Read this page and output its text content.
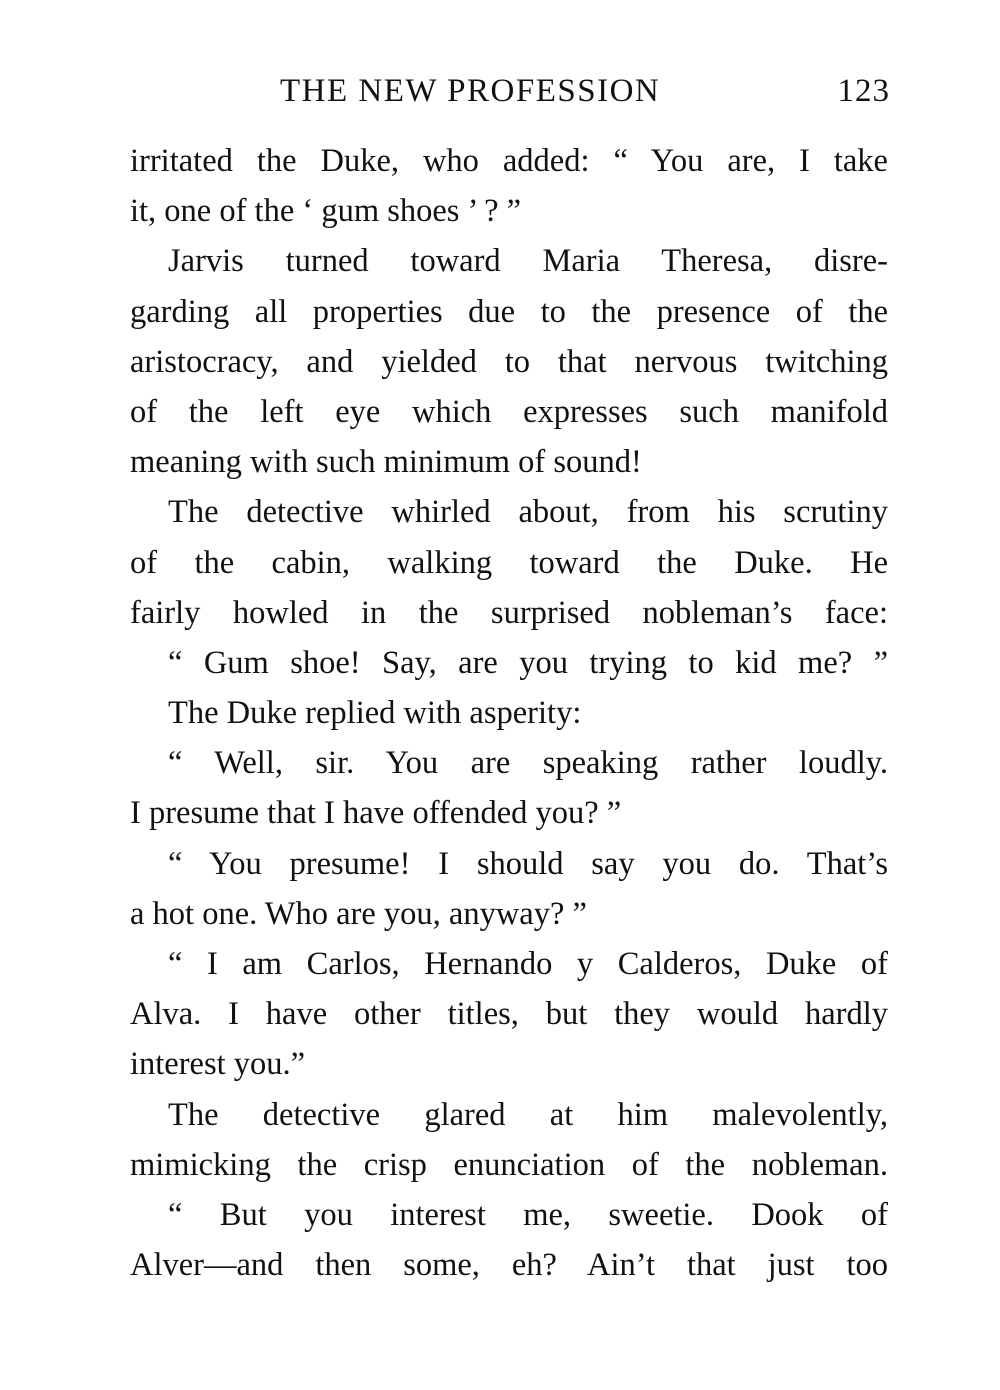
THE NEW PROFESSION	123
irritated the Duke, who added: “ You are, I take
it, one of the ‘ gum shoes ’ ? ”
Jarvis turned toward Maria Theresa, disre-
garding all properties due to the presence of the
aristocracy, and yielded to that nervous twitching
of the left eye which expresses such manifold
meaning with such minimum of sound!
The detective whirled about, from his scrutiny
of the cabin, walking toward the Duke. He
fairly howled in the surprised nobleman’s face:
“ Gum shoe! Say, are you trying to kid me? ”
The Duke replied with asperity:
“ Well, sir. You are speaking rather loudly.
I presume that I have offended you? ”
“ You presume! I should say you do. That’s
a hot one. Who are you, anyway? ”
“ I am Carlos, Hernando y Calderos, Duke of
Alva. I have other titles, but they would hardly
interest you.”
The detective glared at him malevolently,
mimicking the crisp enunciation of the nobleman.
“ But you interest me, sweetie. Dook of
Alver—and then some, eh? Ain’t that just too
